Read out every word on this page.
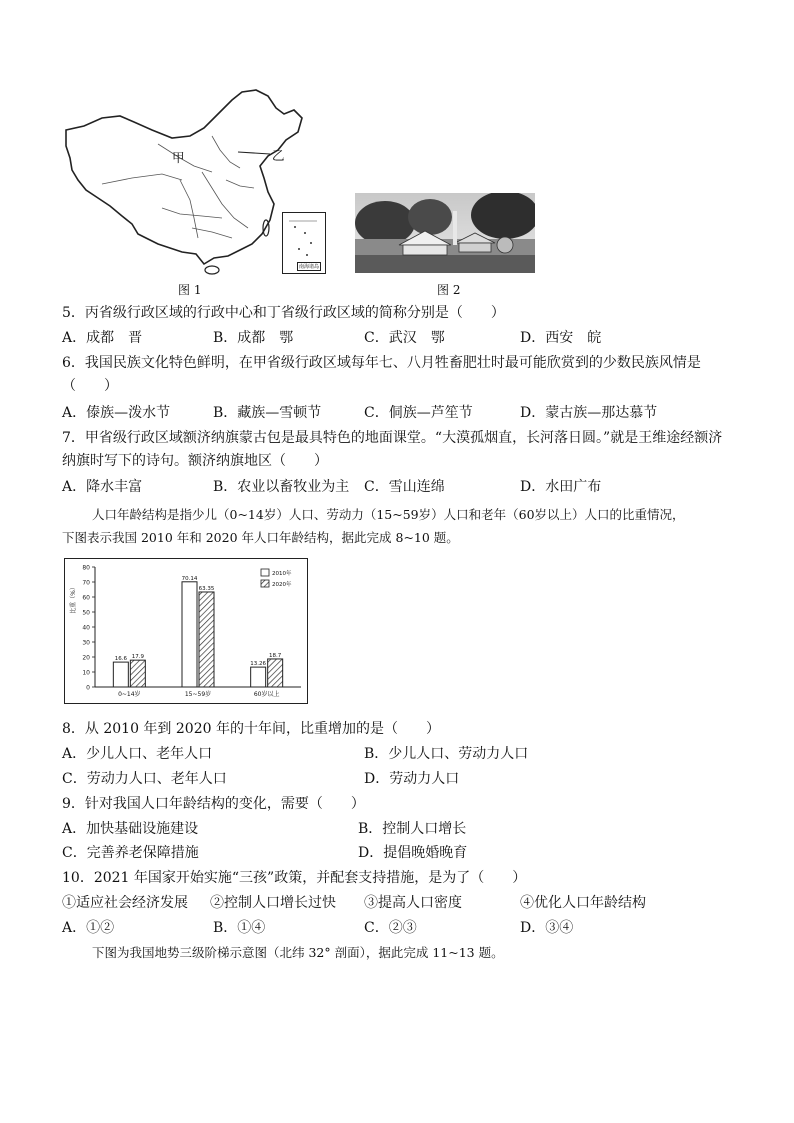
甲	乙
南海诸岛
图 1	图 2
5．丙省级行政区域的行政中心和丁省级行政区域的简称分别是（　　）
A．成都　晋	B．成都　鄂	C．武汉　鄂	D．西安　皖
6．我国民族文化特色鲜明，在甲省级行政区域每年七、八月牲畜肥壮时最可能欣赏到的少数民族风情是
（　　）
A．傣族—泼水节	B．藏族—雪顿节	C．侗族—芦笙节	D．蒙古族—那达慕节
7．甲省级行政区域额济纳旗蒙古包是最具特色的地面课堂。“大漠孤烟直，长河落日圆。”就是王维途经额济
纳旗时写下的诗句。额济纳旗地区（　　）
A．降水丰富	B．农业以畜牧业为主 C．雪山连绵	D．水田广布
人口年龄结构是指少儿（0~14岁）人口、劳动力（15~59岁）人口和老年（60岁以上）人口的比重情况，
下图表示我国 2010 年和 2020 年人口年龄结构，据此完成 8~10 题。
0
10
20
30
40
50
60
70
80
比重（%）
16.6 17.9
0~14岁
70.14
63.35
15~59岁
13.26
18.7
60岁以上
2010年
2020年
8．从 2010 年到 2020 年的十年间，比重增加的是（　　）
A．少儿人口、老年人口	B．少儿人口、劳动力人口
C．劳动力人口、老年人口	D．劳动力人口
9．针对我国人口年龄结构的变化，需要（　　）
A．加快基础设施建设	B．控制人口增长
C．完善养老保障措施	D．提倡晚婚晚育
10．2021 年国家开始实施“三孩”政策，并配套支持措施，是为了（　　）
①适应社会经济发展 ②控制人口增长过快 ③提高人口密度	④优化人口年龄结构
A．①②	B．①④	C．②③	D．③④
下图为我国地势三级阶梯示意图（北纬 32° 剖面），据此完成 11~13 题。
